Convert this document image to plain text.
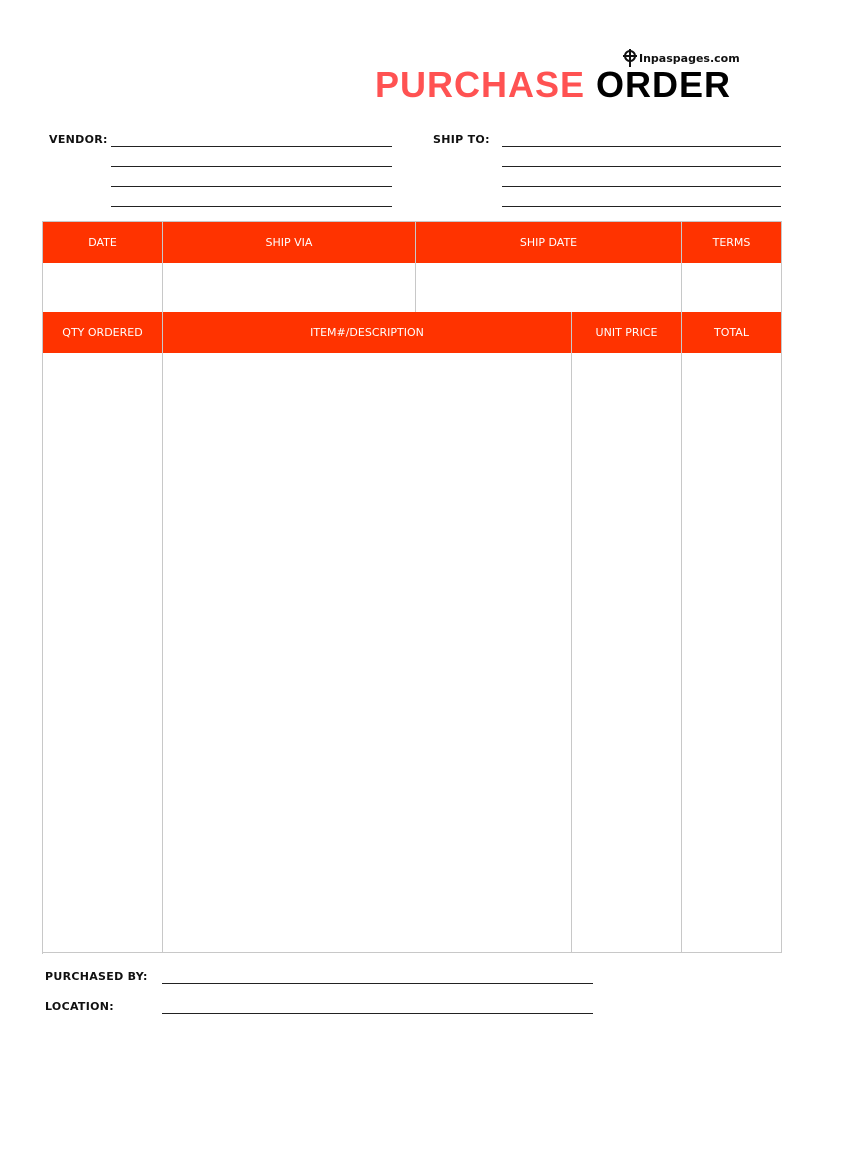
Inpaspages.com
PURCHASE ORDER
VENDOR:	SHIP TO:
DATE	SHIP VIA	SHIP DATE	TERMS
QTY ORDERED	ITEM#/DESCRIPTION	UNIT PRICE	TOTAL
PURCHASED BY:
LOCATION:
